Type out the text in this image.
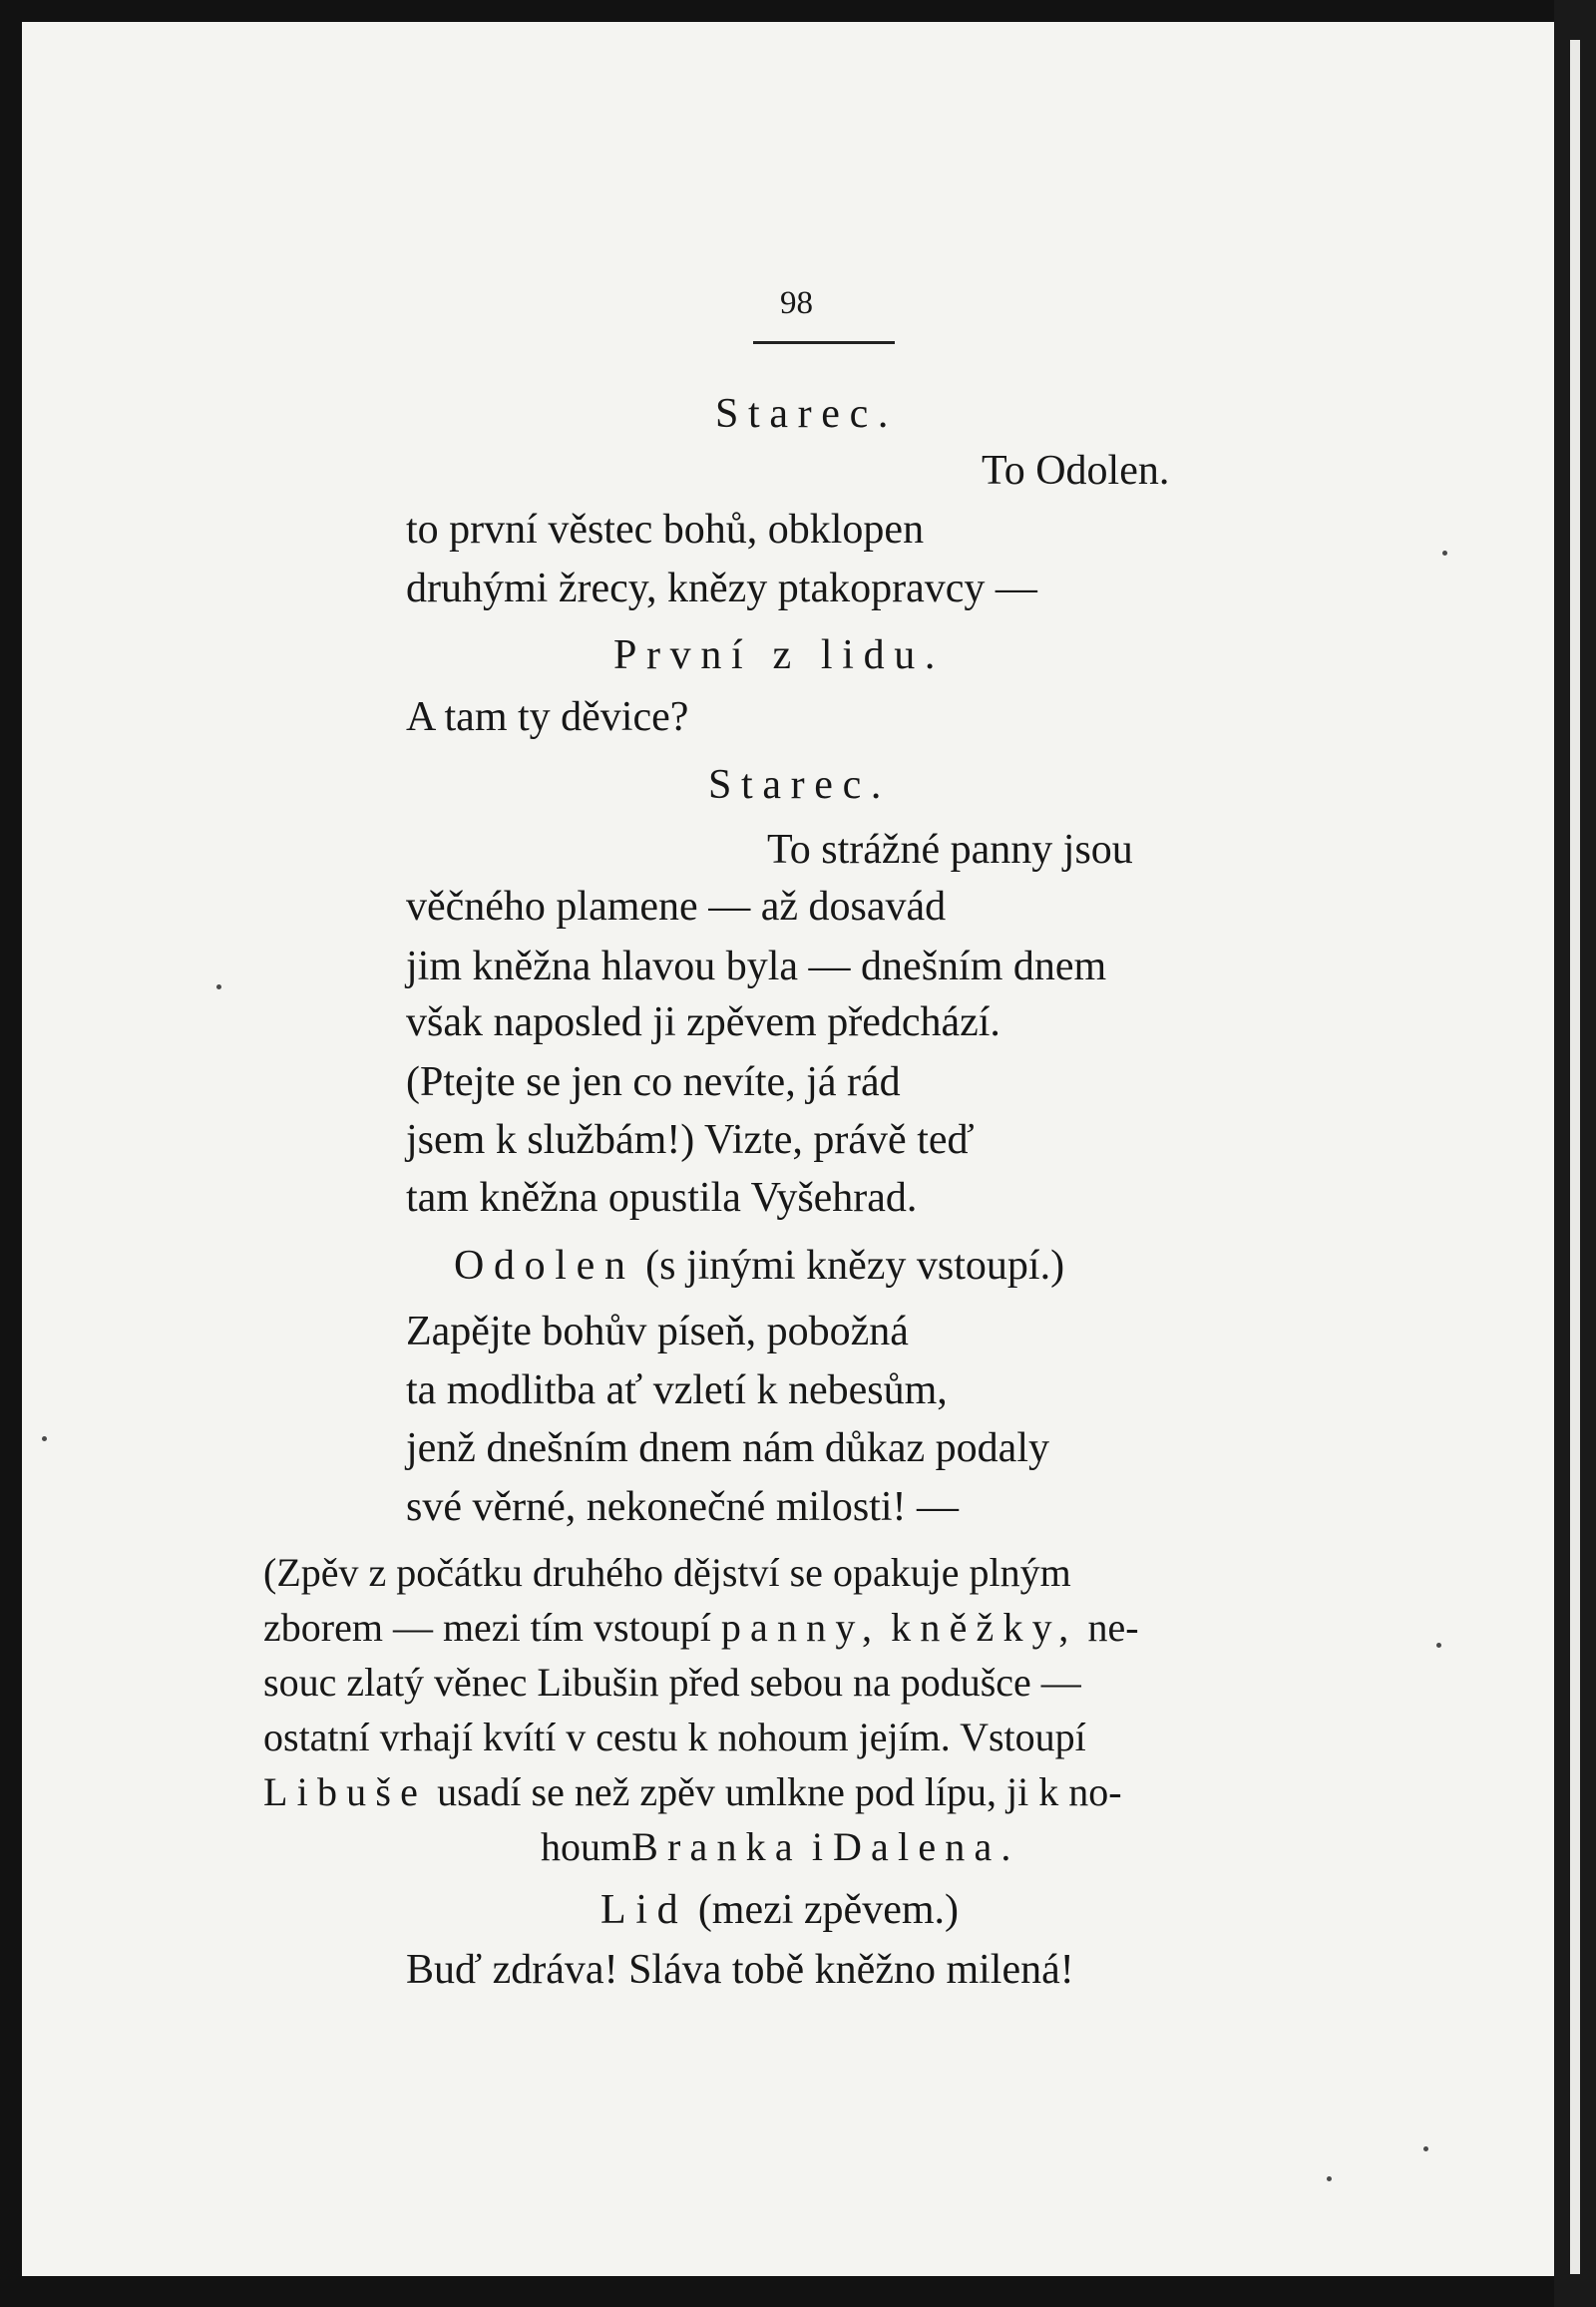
98
Starec.
To Odolen.
to první věstec bohů, obklopen
druhými žrecy, knězy ptakopravcy —
První z lidu.
A tam ty děvice?
Starec.
To strážné panny jsou
věčného plamene — až dosavád
jim kněžna hlavou byla — dnešním dnem
však naposled ji zpěvem předchází.
(Ptejte se jen co nevíte, já rád
jsem k službám!) Vizte, právě teď
tam kněžna opustila Vyšehrad.
Odolen (s jinými knězy vstoupí.)
Zapějte bohův píseň, pobožná
ta modlitba ať vzletí k nebesům,
jenž dnešním dnem nám důkaz podaly
své věrné, nekonečné milosti! —
(Zpěv z počátku druhého dějství se opakuje plným
zborem — mezi tím vstoupí panny, kněžky, ne-
souc zlatý věnec Libušin před sebou na podušce —
ostatní vrhají kvítí v cestu k nohoum jejím. Vstoupí
Libuše usadí se než zpěv umlkne pod lípu, ji k no-
houmBranka i Dalena.
Lid (mezi zpěvem.)
Buď zdráva! Sláva tobě kněžno milená!
